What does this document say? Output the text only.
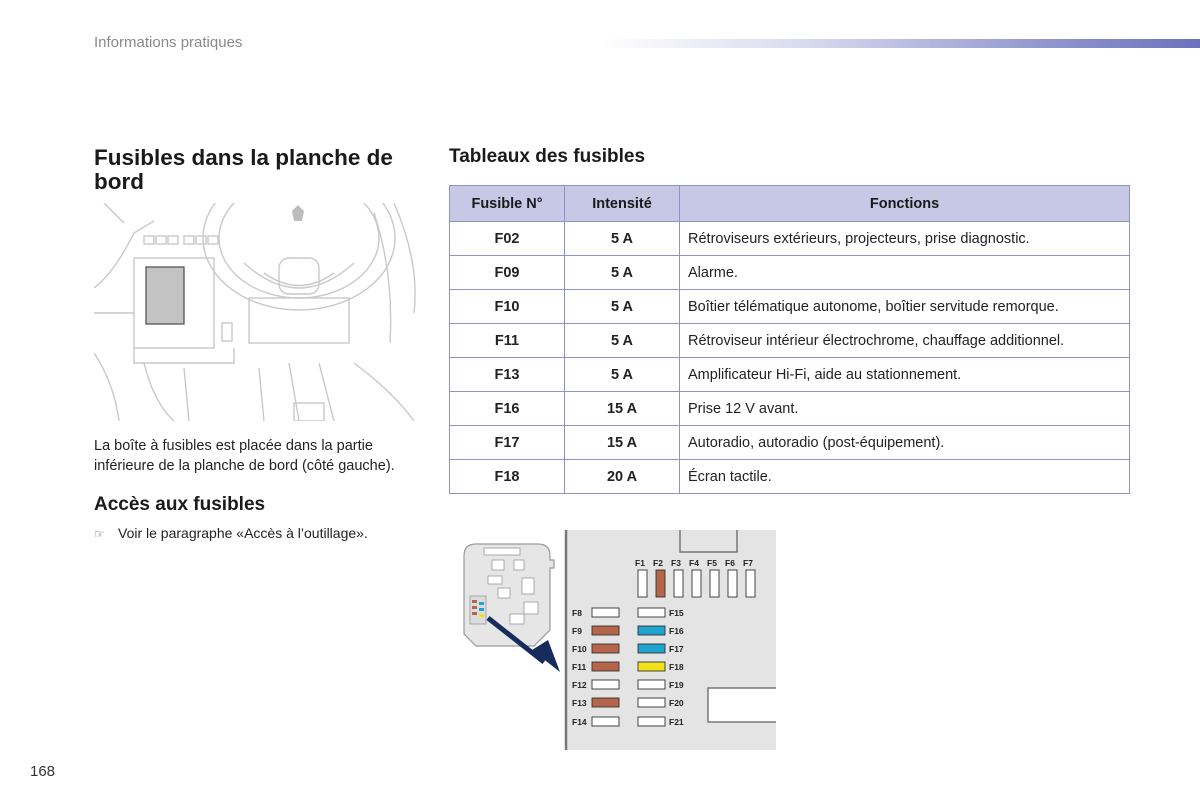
Informations pratiques
Fusibles dans la planche de bord
La boîte à fusibles est placée dans la partie
inférieure de la planche de bord (côté gauche).
Accès aux fusibles
☞ Voir le paragraphe «Accès à l’outillage».
Tableaux des fusibles
Fusible N°	Intensité	Fonctions
F02	5 A	Rétroviseurs extérieurs, projecteurs, prise diagnostic.
F09	5 A	Alarme.
F10	5 A	Boîtier télématique autonome, boîtier servitude remorque.
F11	5 A	Rétroviseur intérieur électrochrome, chauffage additionnel.
F13	5 A	Amplificateur Hi-Fi, aide au stationnement.
F16	15 A	Prise 12 V avant.
F17	15 A	Autoradio, autoradio (post-équipement).
F18	20 A	Écran tactile.
F1 F2 F3 F4 F5 F6 F7
F8
F9
F10
F11
F12
F13
F14
F15
F16
F17
F18
F19
F20
F21
168
